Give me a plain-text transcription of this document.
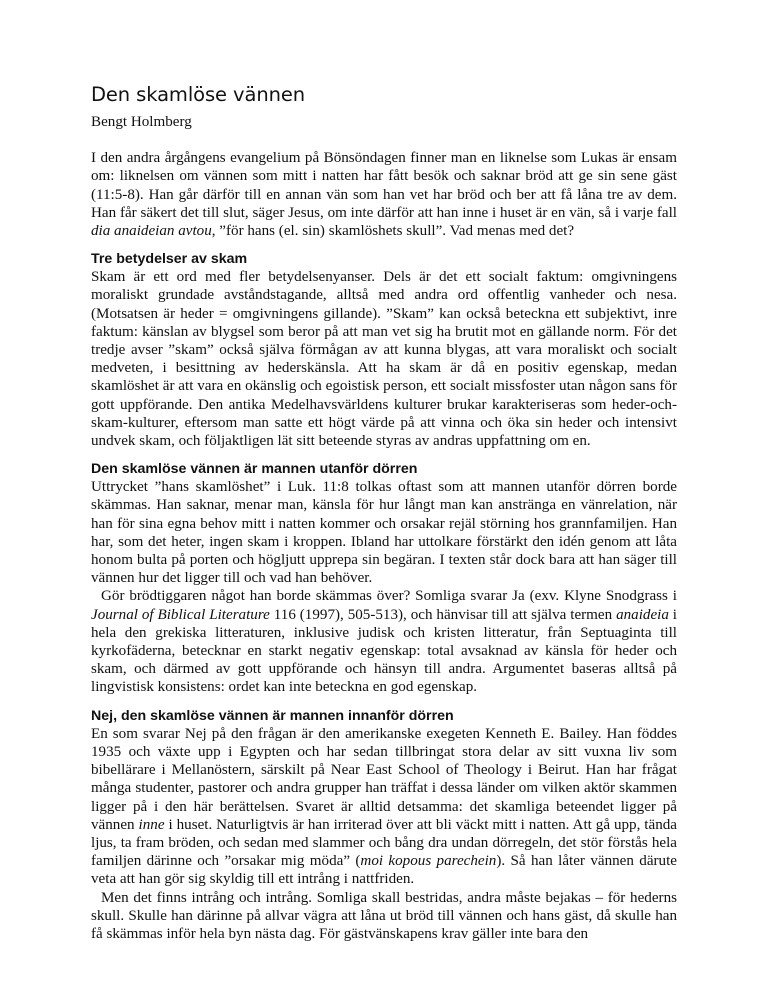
Den skamlöse vännen

Bengt Holmberg

I den andra årgångens evangelium på Bönsöndagen finner man en liknelse som Lukas är ensam om: liknelsen om vännen som mitt i natten har fått besök och saknar bröd att ge sin sene gäst (11:5-8). Han går därför till en annan vän som han vet har bröd och ber att få låna tre av dem. Han får säkert det till slut, säger Jesus, om inte därför att han inne i huset är en vän, så i varje fall dia anaideian avtou, ”för hans (el. sin) skamlöshets skull”. Vad menas med det?

Tre betydelser av skam

Skam är ett ord med fler betydelsenyanser. Dels är det ett socialt faktum: omgivningens moraliskt grundade avståndstagande, alltså med andra ord offentlig vanheder och nesa. (Motsatsen är heder = omgivningens gillande). ”Skam” kan också beteckna ett subjektivt, inre faktum: känslan av blygsel som beror på att man vet sig ha brutit mot en gällande norm. För det tredje avser ”skam” också själva förmågan av att kunna blygas, att vara moraliskt och socialt medveten, i besittning av hederskänsla. Att ha skam är då en positiv egenskap, medan skamlöshet är att vara en okänslig och egoistisk person, ett socialt missfoster utan någon sans för gott uppförande. Den antika Medelhavsvärldens kulturer brukar karakteriseras som heder-och-skam-kulturer, eftersom man satte ett högt värde på att vinna och öka sin heder och intensivt undvek skam, och följaktligen lät sitt beteende styras av andras uppfattning om en.

Den skamlöse vännen är mannen utanför dörren

Uttrycket ”hans skamlöshet” i Luk. 11:8 tolkas oftast som att mannen utanför dörren borde skämmas. Han saknar, menar man, känsla för hur långt man kan anstränga en vänrelation, när han för sina egna behov mitt i natten kommer och orsakar rejäl störning hos grannfamiljen. Han har, som det heter, ingen skam i kroppen. Ibland har uttolkare förstärkt den idén genom att låta honom bulta på porten och högljutt upprepa sin begäran. I texten står dock bara att han säger till vännen hur det ligger till och vad han behöver.

Gör brödtiggaren något han borde skämmas över? Somliga svarar Ja (exv. Klyne Snodgrass i Journal of Biblical Literature 116 (1997), 505-513), och hänvisar till att själva termen anaideia i hela den grekiska litteraturen, inklusive judisk och kristen litteratur, från Septuaginta till kyrkofäderna, betecknar en starkt negativ egenskap: total avsaknad av känsla för heder och skam, och därmed av gott uppförande och hänsyn till andra. Argumentet baseras alltså på lingvistisk konsistens: ordet kan inte beteckna en god egenskap.

Nej, den skamlöse vännen är mannen innanför dörren

En som svarar Nej på den frågan är den amerikanske exegeten Kenneth E. Bailey. Han föddes 1935 och växte upp i Egypten och har sedan tillbringat stora delar av sitt vuxna liv som bibellärare i Mellanöstern, särskilt på Near East School of Theology i Beirut. Han har frågat många studenter, pastorer och andra grupper han träffat i dessa länder om vilken aktör skammen ligger på i den här berättelsen. Svaret är alltid detsamma: det skamliga beteendet ligger på vännen inne i huset. Naturligtvis är han irriterad över att bli väckt mitt i natten. Att gå upp, tända ljus, ta fram bröden, och sedan med slammer och bång dra undan dörregeln, det stör förstås hela familjen därinne och ”orsakar mig möda” (moi kopous parechein). Så han låter vännen därute veta att han gör sig skyldig till ett intrång i nattfriden.

Men det finns intrång och intrång. Somliga skall bestridas, andra måste bejakas – för hederns skull. Skulle han därinne på allvar vägra att låna ut bröd till vännen och hans gäst, då skulle han få skämmas inför hela byn nästa dag. För gästvänskapens krav gäller inte bara den
